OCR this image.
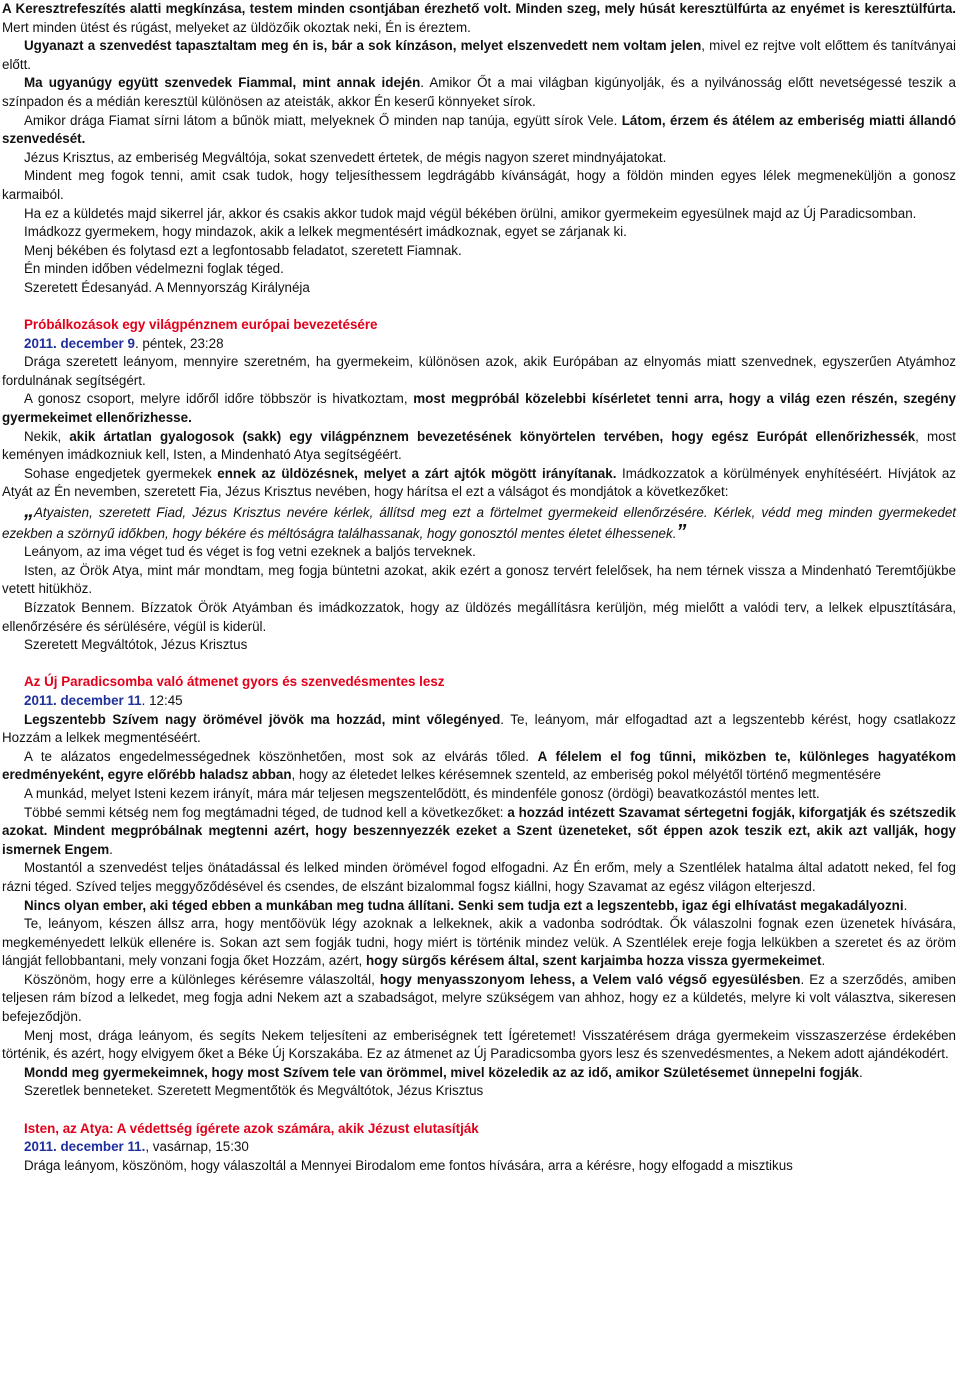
A Keresztrefeszítés alatti megkínzása, testem minden csontjában érezhető volt. Minden szeg, mely húsát keresztülfúrta az enyémet is keresztülfúrta. Mert minden ütést és rúgást, melyeket az üldözőik okoztak neki, Én is éreztem.

Ugyanazt a szenvedést tapasztaltam meg én is, bár a sok kínzáson, melyet elszenvedett nem voltam jelen, mivel ez rejtve volt előttem és tanítványai előtt.

Ma ugyanúgy együtt szenvedek Fiammal, mint annak idején. Amikor Őt a mai világban kigúnyolják, és a nyilvánosság előtt nevetségessé teszik a színpadon és a médián keresztül különösen az ateisták, akkor Én keserű könnyeket sírok.

Amikor drága Fiamat sírni látom a bűnök miatt, melyeknek Ő minden nap tanúja, együtt sírok Vele. Látom, érzem és átélem az emberiség miatti állandó szenvedését.

Jézus Krisztus, az emberiség Megváltója, sokat szenvedett értetek, de mégis nagyon szeret mindnyájatokat.

Mindent meg fogok tenni, amit csak tudok, hogy teljesíthessem legdrágább kívánságát, hogy a földön minden egyes lélek megmeneküljön a gonosz karmaiból.

Ha ez a küldetés majd sikerrel jár, akkor és csakis akkor tudok majd végül békében örülni, amikor gyermekeim egyesülnek majd az Új Paradicsomban.

Imádkozz gyermekem, hogy mindazok, akik a lelkek megmentésért imádkoznak, egyet se zárjanak ki.

Menj békében és folytasd ezt a legfontosabb feladatot, szeretett Fiamnak.

Én minden időben védelmezni foglak téged.

Szeretett Édesanyád. A Mennyország Királynéja

Próbálkozások egy világpénznem európai bevezetésére

2011. december 9. péntek, 23:28

Drága szeretett leányom, mennyire szeretném, ha gyermekeim, különösen azok, akik Európában az elnyomás miatt szenvednek, egyszerűen Atyámhoz fordulnának segítségért.

A gonosz csoport, melyre időről időre többször is hivatkoztam, most megpróbál közelebbi kísérletet tenni arra, hogy a világ ezen részén, szegény gyermekeimet ellenőrizhesse.

Nekik, akik ártatlan gyalogosok (sakk) egy világpénznem bevezetésének könyörtelen tervében, hogy egész Európát ellenőrizhessék, most keményen imádkozniuk kell, Isten, a Mindenható Atya segítségéért.

Sohase engedjetek gyermekek ennek az üldözésnek, melyet a zárt ajtók mögött irányítanak. Imádkozzatok a körülmények enyhítéséért. Hívjátok az Atyát az Én nevemben, szeretett Fia, Jézus Krisztus nevében, hogy hárítsa el ezt a válságot és mondjátok a következőket:

„Atyaisten, szeretett Fiad, Jézus Krisztus nevére kérlek, állítsd meg ezt a förtelmet gyermekeid ellenőrzésére. Kérlek, védd meg minden gyermekedet ezekben a szörnyű időkben, hogy békére és méltóságra találhassanak, hogy gonosztól mentes életet élhessenek.”

Leányom, az ima véget tud és véget is fog vetni ezeknek a baljós terveknek.

Isten, az Örök Atya, mint már mondtam, meg fogja büntetni azokat, akik ezért a gonosz tervért felelősek, ha nem térnek vissza a Mindenható Teremtőjükbe vetett hitükhöz.

Bízzatok Bennem. Bízzatok Örök Atyámban és imádkozzatok, hogy az üldözés megállításra kerüljön, még mielőtt a valódi terv, a lelkek elpusztítására, ellenőrzésére és sérülésére, végül is kiderül.

Szeretett Megváltótok, Jézus Krisztus

Az Új Paradicsomba való átmenet gyors és szenvedésmentes lesz

2011. december 11. 12:45

Legszentebb Szívem nagy örömével jövök ma hozzád, mint vőlegényed. Te, leányom, már elfogadtad azt a legszentebb kérést, hogy csatlakozz Hozzám a lelkek megmentéséért.

A te alázatos engedelmességednek köszönhetően, most sok az elvárás tőled. A félelem el fog tűnni, miközben te, különleges hagyatékom eredményeként, egyre előrébb haladsz abban, hogy az életedet lelkes kérésemnek szenteld, az emberiség pokol mélyétől történő megmentésére

A munkád, melyet Isteni kezem irányít, mára már teljesen megszentelődött, és mindenféle gonosz (ördögi) beavatkozástól mentes lett.

Többé semmi kétség nem fog megtámadni téged, de tudnod kell a következőket: a hozzád intézett Szavamat sértegetni fogják, kiforgatják és szétszedik azokat. Mindent megpróbálnak megtenni azért, hogy beszennyezzék ezeket a Szent üzeneteket, sőt éppen azok teszik ezt, akik azt vallják, hogy ismernek Engem.

Mostantól a szenvedést teljes önátadással és lelked minden örömével fogod elfogadni. Az Én erőm, mely a Szentlélek hatalma által adatott neked, fel fog rázni téged. Szíved teljes meggyőződésével és csendes, de elszánt bizalommal fogsz kiállni, hogy Szavamat az egész világon elterjeszd.

Nincs olyan ember, aki téged ebben a munkában meg tudna állítani. Senki sem tudja ezt a legszentebb, igaz égi elhívatást megakadályozni.

Te, leányom, készen állsz arra, hogy mentőövük légy azoknak a lelkeknek, akik a vadonba sodródtak. Ők válaszolni fognak ezen üzenetek hívására, megkeményedett lelkük ellenére is. Sokan azt sem fogják tudni, hogy miért is történik mindez velük. A Szentlélek ereje fogja lelkükben a szeretet és az öröm lángját fellobbantani, mely vonzani fogja őket Hozzám, azért, hogy sürgős kérésem által, szent karjaimba hozza vissza gyermekeimet.

Köszönöm, hogy erre a különleges kérésemre válaszoltál, hogy menyasszonyom lehess, a Velem való végső egyesülésben. Ez a szerződés, amiben teljesen rám bízod a lelkedet, meg fogja adni Nekem azt a szabadságot, melyre szükségem van ahhoz, hogy ez a küldetés, melyre ki volt választva, sikeresen befejeződjön.

Menj most, drága leányom, és segíts Nekem teljesíteni az emberiségnek tett Ígéretemet! Visszatérésem drága gyermekeim visszaszerzése érdekében történik, és azért, hogy elvigyem őket a Béke Új Korszakába. Ez az átmenet az Új Paradicsomba gyors lesz és szenvedésmentes, a Nekem adott ajándékodért.

Mondd meg gyermekeimnek, hogy most Szívem tele van örömmel, mivel közeledik az az idő, amikor Születésemet ünnepelni fogják.

Szeretlek benneteket. Szeretett Megmentőtök és Megváltótok, Jézus Krisztus

Isten, az Atya: A védettség ígérete azok számára, akik Jézust elutasítják

2011. december 11., vasárnap, 15:30

Drága leányom, köszönöm, hogy válaszoltál a Mennyei Birodalom eme fontos hívására, arra a kérésre, hogy elfogadd a misztikus
